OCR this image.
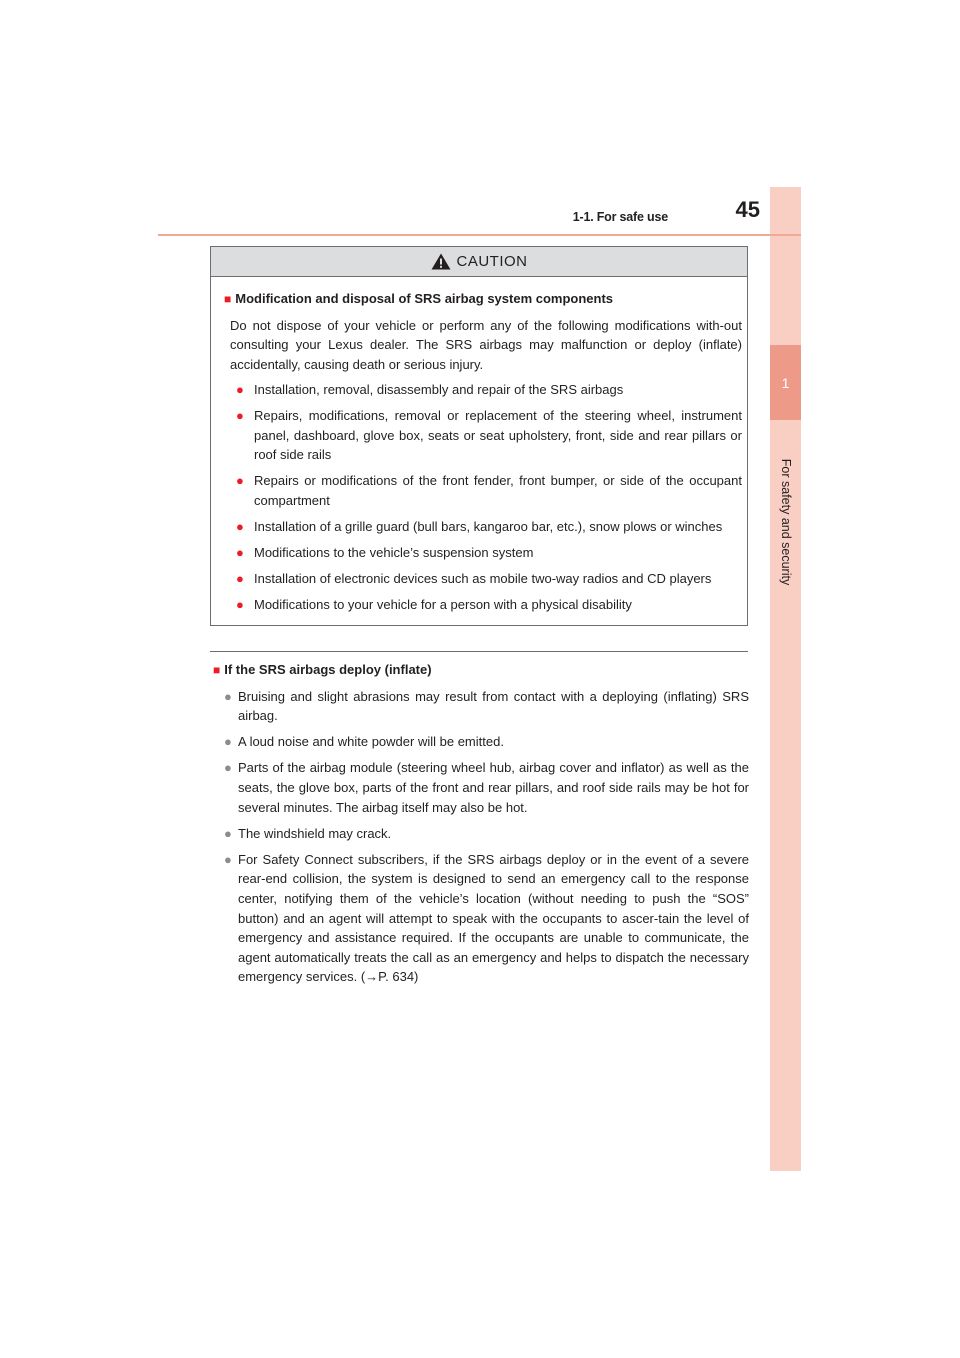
1
For safety and security
1-1. For safe use	45
CAUTION
■ Modification and disposal of SRS airbag system components
Do not dispose of your vehicle or perform any of the following modifications with-out consulting your Lexus dealer. The SRS airbags may malfunction or deploy (inflate) accidentally, causing death or serious injury.
● Installation, removal, disassembly and repair of the SRS airbags
● Repairs, modifications, removal or replacement of the steering wheel, instrument panel, dashboard, glove box, seats or seat upholstery, front, side and rear pillars or roof side rails
● Repairs or modifications of the front fender, front bumper, or side of the occupant compartment
● Installation of a grille guard (bull bars, kangaroo bar, etc.), snow plows or winches
● Modifications to the vehicle’s suspension system
● Installation of electronic devices such as mobile two-way radios and CD players
● Modifications to your vehicle for a person with a physical disability
■ If the SRS airbags deploy (inflate)
● Bruising and slight abrasions may result from contact with a deploying (inflating) SRS airbag.
● A loud noise and white powder will be emitted.
● Parts of the airbag module (steering wheel hub, airbag cover and inflator) as well as the seats, the glove box, parts of the front and rear pillars, and roof side rails may be hot for several minutes. The airbag itself may also be hot.
● The windshield may crack.
● For Safety Connect subscribers, if the SRS airbags deploy or in the event of a severe rear-end collision, the system is designed to send an emergency call to the response center, notifying them of the vehicle’s location (without needing to push the “SOS” button) and an agent will attempt to speak with the occupants to ascer-tain the level of emergency and assistance required. If the occupants are unable to communicate, the agent automatically treats the call as an emergency and helps to dispatch the necessary emergency services. (→P. 634)
